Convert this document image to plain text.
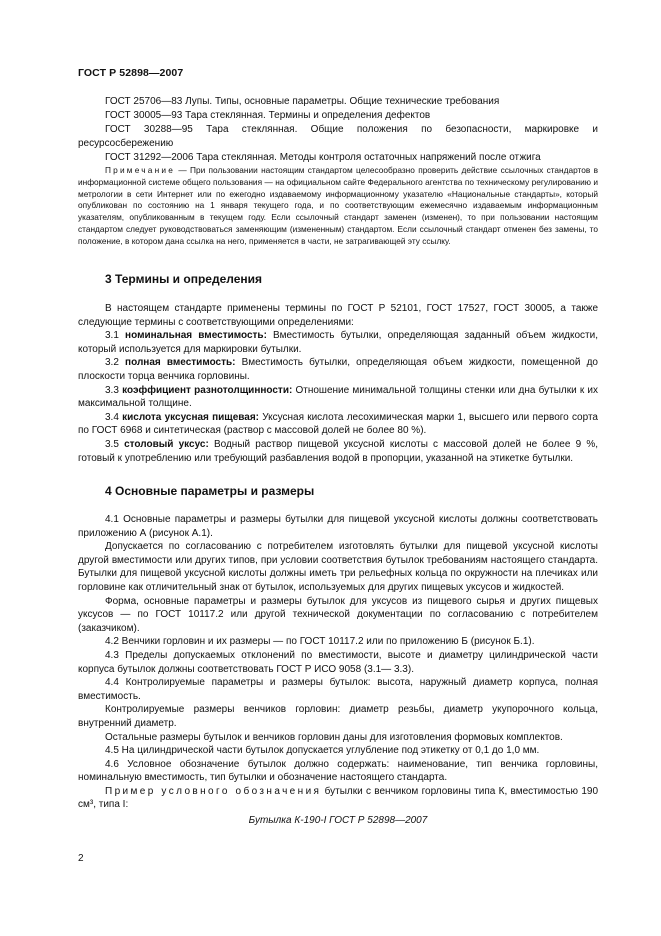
ГОСТ Р 52898—2007

ГОСТ 25706—83 Лупы. Типы, основные параметры. Общие технические требования

ГОСТ 30005—93 Тара стеклянная. Термины и определения дефектов

ГОСТ 30288—95 Тара стеклянная. Общие положения по безопасности, маркировке и ресурсосбережению

ГОСТ 31292—2006 Тара стеклянная. Методы контроля остаточных напряжений после отжига

Примечание — При пользовании настоящим стандартом целесообразно проверить действие ссылочных стандартов в информационной системе общего пользования — на официальном сайте Федерального агентства по техническому регулированию и метрологии в сети Интернет или по ежегодно издаваемому информационному указателю «Национальные стандарты», который опубликован по состоянию на 1 января текущего года, и по соответствующим ежемесячно издаваемым информационным указателям, опубликованным в текущем году. Если ссылочный стандарт заменен (изменен), то при пользовании настоящим стандартом следует руководствоваться заменяющим (измененным) стандартом. Если ссылочный стандарт отменен без замены, то положение, в котором дана ссылка на него, применяется в части, не затрагивающей эту ссылку.

3 Термины и определения

В настоящем стандарте применены термины по ГОСТ Р 52101, ГОСТ 17527, ГОСТ 30005, а также следующие термины с соответствующими определениями:

3.1 номинальная вместимость: Вместимость бутылки, определяющая заданный объем жидкости, который используется для маркировки бутылки.

3.2 полная вместимость: Вместимость бутылки, определяющая объем жидкости, помещенной до плоскости торца венчика горловины.

3.3 коэффициент разнотолщинности: Отношение минимальной толщины стенки или дна бутылки к их максимальной толщине.

3.4 кислота уксусная пищевая: Уксусная кислота лесохимическая марки 1, высшего или первого сорта по ГОСТ 6968 и синтетическая (раствор с массовой долей не более 80 %).

3.5 столовый уксус: Водный раствор пищевой уксусной кислоты с массовой долей не более 9 %, готовый к употреблению или требующий разбавления водой в пропорции, указанной на этикетке бутылки.

4 Основные параметры и размеры

4.1 Основные параметры и размеры бутылки для пищевой уксусной кислоты должны соответствовать приложению А (рисунок А.1).

Допускается по согласованию с потребителем изготовлять бутылки для пищевой уксусной кислоты другой вместимости или других типов, при условии соответствия бутылок требованиям настоящего стандарта. Бутылки для пищевой уксусной кислоты должны иметь три рельефных кольца по окружности на плечиках или горловине как отличительный знак от бутылок, используемых для других пищевых уксусов и жидкостей.

Форма, основные параметры и размеры бутылок для уксусов из пищевого сырья и других пищевых уксусов — по ГОСТ 10117.2 или другой технической документации по согласованию с потребителем (заказчиком).

4.2 Венчики горловин и их размеры — по ГОСТ 10117.2 или по приложению Б (рисунок Б.1).

4.3 Пределы допускаемых отклонений по вместимости, высоте и диаметру цилиндрической части корпуса бутылок должны соответствовать ГОСТ Р ИСО 9058 (3.1— 3.3).

4.4 Контролируемые параметры и размеры бутылок: высота, наружный диаметр корпуса, полная вместимость.

Контролируемые размеры венчиков горловин: диаметр резьбы, диаметр укупорочного кольца, внутренний диаметр.

Остальные размеры бутылок и венчиков горловин даны для изготовления формовых комплектов.

4.5 На цилиндрической части бутылок допускается углубление под этикетку от 0,1 до 1,0 мм.

4.6 Условное обозначение бутылок должно содержать: наименование, тип венчика горловины, номинальную вместимость, тип бутылки и обозначение настоящего стандарта.

Пример условного обозначения бутылки с венчиком горловины типа К, вместимостью 190 см³, типа I:

Бутылка К-190-I ГОСТ Р 52898—2007
2
